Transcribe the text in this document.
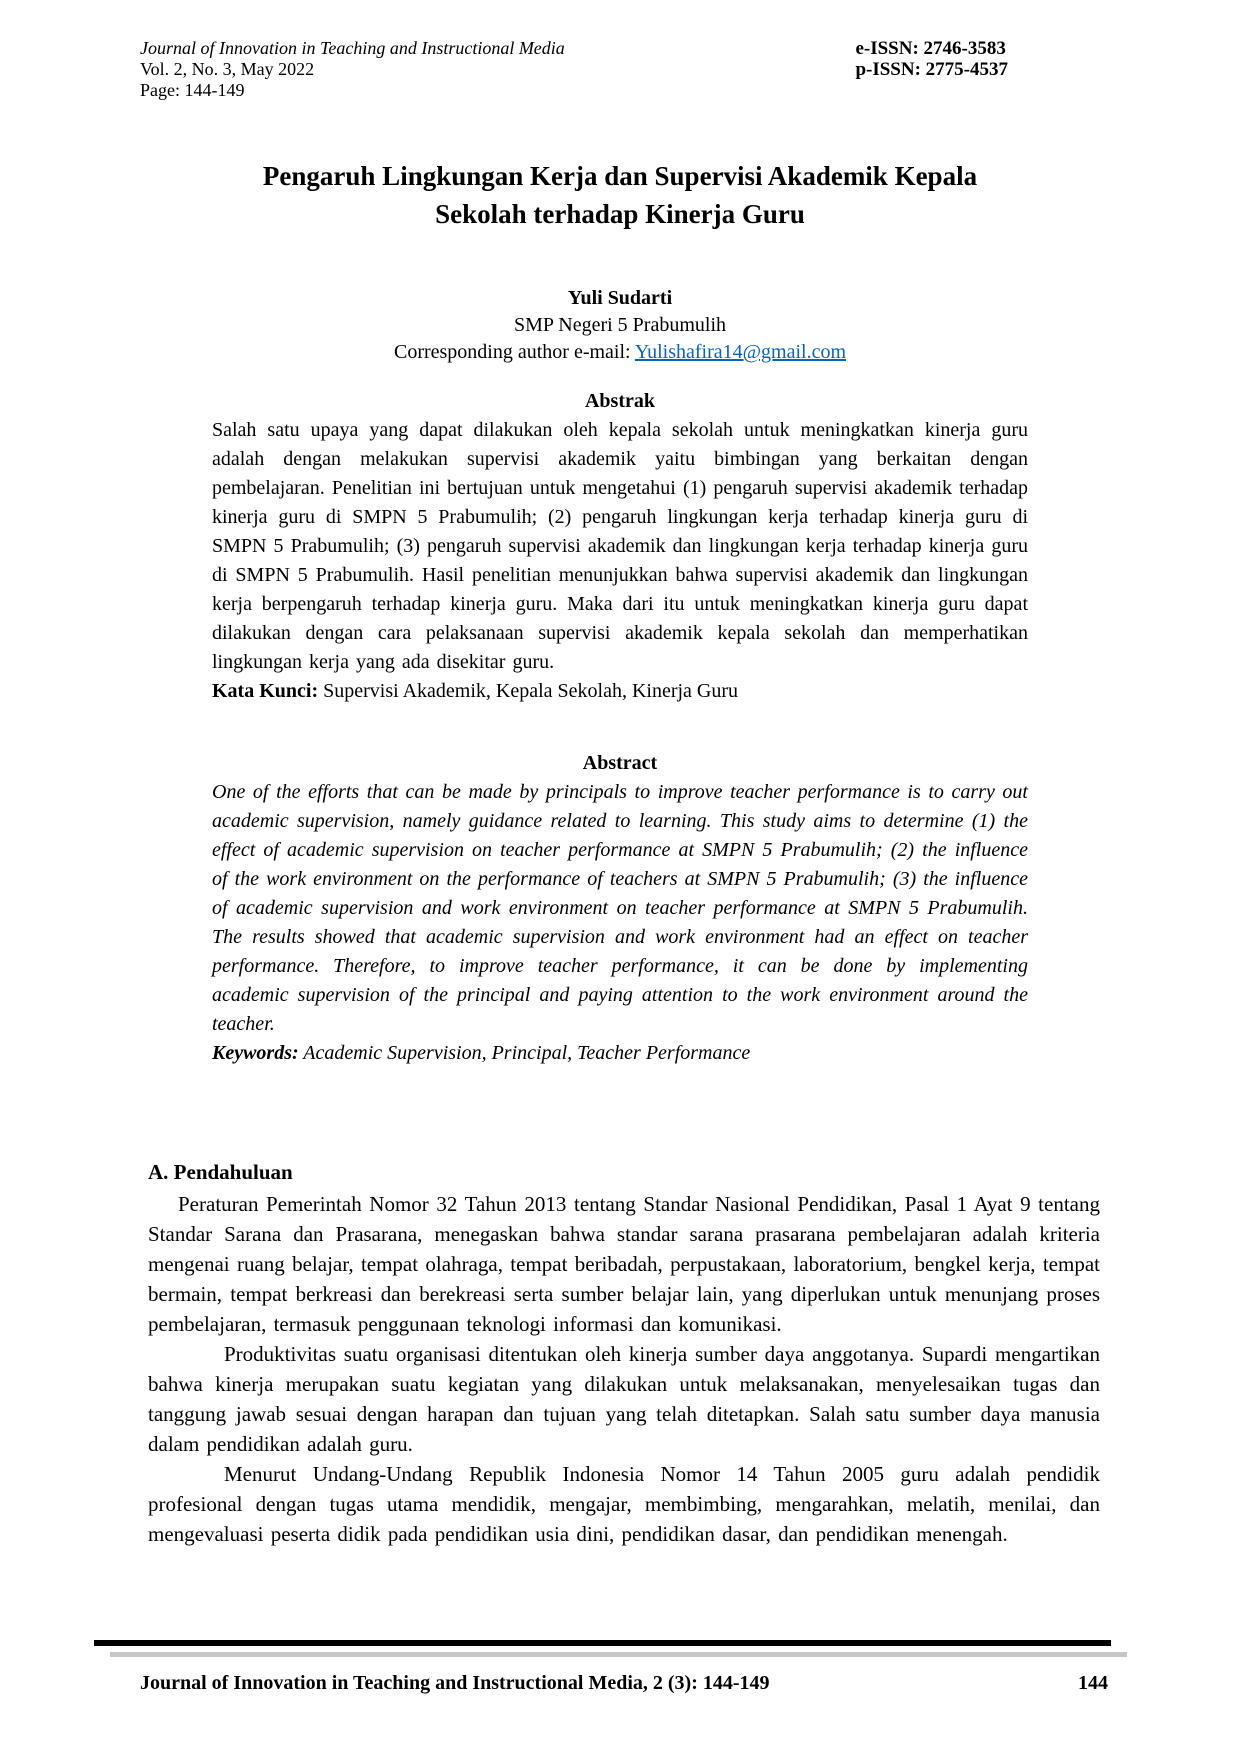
Journal of Innovation in Teaching and Instructional Media
Vol. 2, No. 3, May 2022
Page: 144-149
e-ISSN: 2746-3583
p-ISSN: 2775-4537
Pengaruh Lingkungan Kerja dan Supervisi Akademik Kepala Sekolah terhadap Kinerja Guru
Yuli Sudarti
SMP Negeri 5 Prabumulih
Corresponding author e-mail: Yulishafira14@gmail.com
Abstrak

Salah satu upaya yang dapat dilakukan oleh kepala sekolah untuk meningkatkan kinerja guru adalah dengan melakukan supervisi akademik yaitu bimbingan yang berkaitan dengan pembelajaran. Penelitian ini bertujuan untuk mengetahui (1) pengaruh supervisi akademik terhadap kinerja guru di SMPN 5 Prabumulih; (2) pengaruh lingkungan kerja terhadap kinerja guru di SMPN 5 Prabumulih; (3) pengaruh supervisi akademik dan lingkungan kerja terhadap kinerja guru di SMPN 5 Prabumulih. Hasil penelitian menunjukkan bahwa supervisi akademik dan lingkungan kerja berpengaruh terhadap kinerja guru. Maka dari itu untuk meningkatkan kinerja guru dapat dilakukan dengan cara pelaksanaan supervisi akademik kepala sekolah dan memperhatikan lingkungan kerja yang ada disekitar guru.

Kata Kunci: Supervisi Akademik, Kepala Sekolah, Kinerja Guru

Abstract

One of the efforts that can be made by principals to improve teacher performance is to carry out academic supervision, namely guidance related to learning. This study aims to determine (1) the effect of academic supervision on teacher performance at SMPN 5 Prabumulih; (2) the influence of the work environment on the performance of teachers at SMPN 5 Prabumulih; (3) the influence of academic supervision and work environment on teacher performance at SMPN 5 Prabumulih. The results showed that academic supervision and work environment had an effect on teacher performance. Therefore, to improve teacher performance, it can be done by implementing academic supervision of the principal and paying attention to the work environment around the teacher.

Keywords: Academic Supervision, Principal, Teacher Performance

A. Pendahuluan

Peraturan Pemerintah Nomor 32 Tahun 2013 tentang Standar Nasional Pendidikan, Pasal 1 Ayat 9 tentang Standar Sarana dan Prasarana, menegaskan bahwa standar sarana prasarana pembelajaran adalah kriteria mengenai ruang belajar, tempat olahraga, tempat beribadah, perpustakaan, laboratorium, bengkel kerja, tempat bermain, tempat berkreasi dan berekreasi serta sumber belajar lain, yang diperlukan untuk menunjang proses pembelajaran, termasuk penggunaan teknologi informasi dan komunikasi.

Produktivitas suatu organisasi ditentukan oleh kinerja sumber daya anggotanya. Supardi mengartikan bahwa kinerja merupakan suatu kegiatan yang dilakukan untuk melaksanakan, menyelesaikan tugas dan tanggung jawab sesuai dengan harapan dan tujuan yang telah ditetapkan. Salah satu sumber daya manusia dalam pendidikan adalah guru.

Menurut Undang-Undang Republik Indonesia Nomor 14 Tahun 2005 guru adalah pendidik profesional dengan tugas utama mendidik, mengajar, membimbing, mengarahkan, melatih, menilai, dan mengevaluasi peserta didik pada pendidikan usia dini, pendidikan dasar, dan pendidikan menengah.

Journal of Innovation in Teaching and Instructional Media, 2 (3): 144-149	144
